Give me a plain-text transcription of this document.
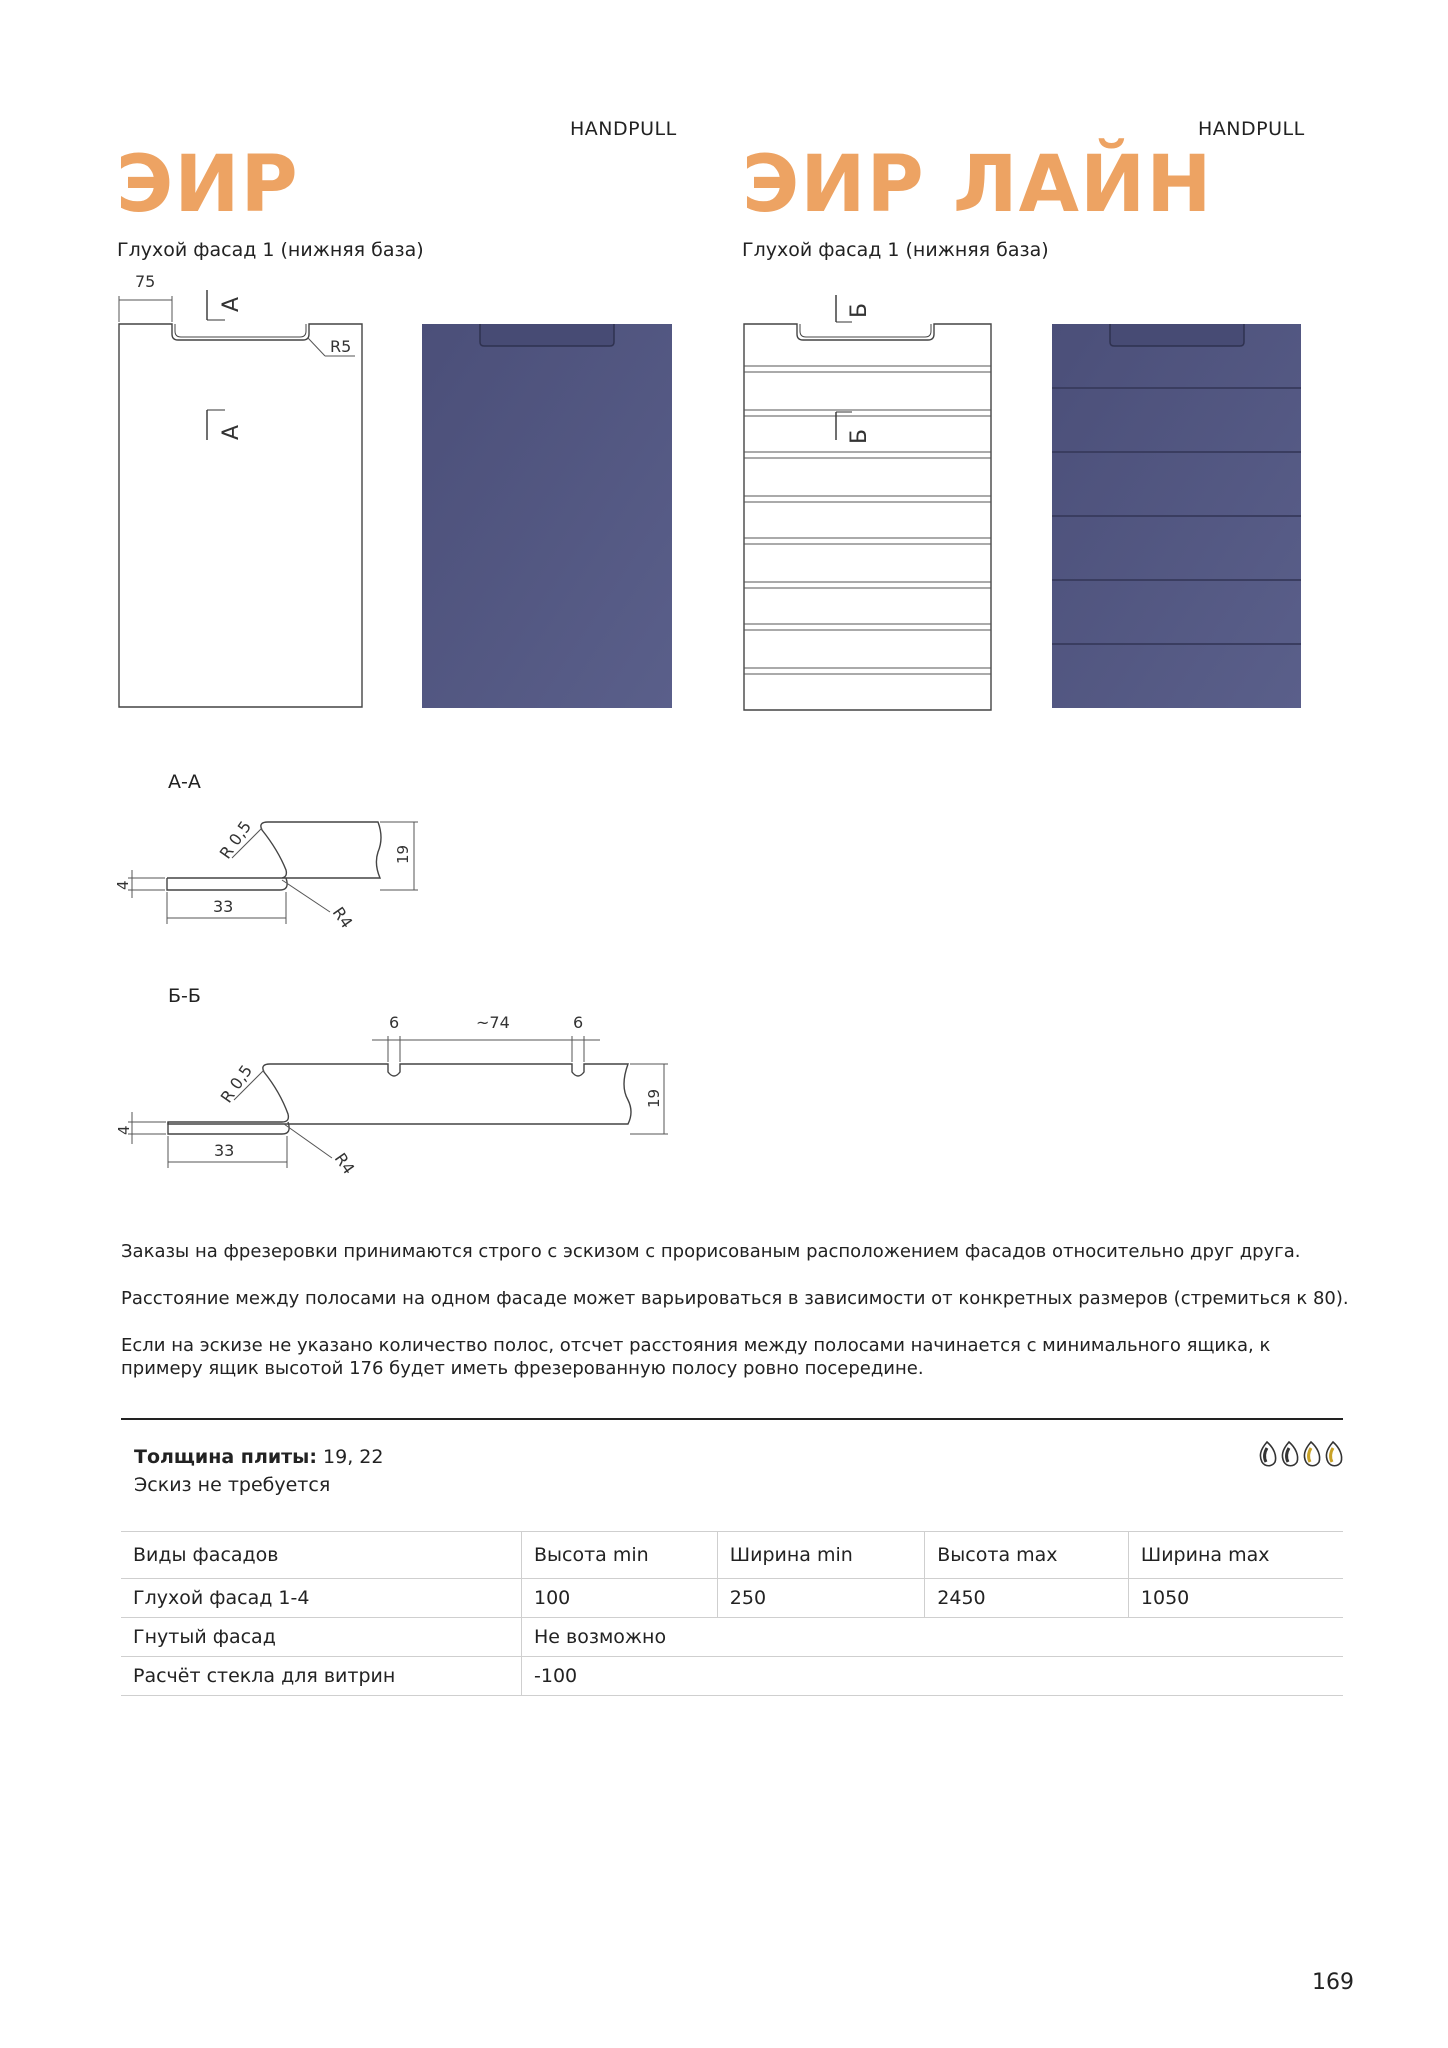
HANDPULL
ЭИР
Глухой фасад 1 (нижняя база)
HANDPULL
ЭИР ЛАЙН
Глухой фасад 1 (нижняя база)
75
A
A
R5
Б
Б
А-А
4
33
19
R 0,5
R4
Б-Б
6	~74	6
4
33
19
R 0,5
R4
Заказы на фрезеровки принимаются строго с эскизом с прорисованым расположением фасадов относительно друг друга.
Расстояние между полосами на одном фасаде может варьироваться в зависимости от конкретных размеров (стремиться к 80).
Если на эскизе не указано количество полос, отсчет расстояния между полосами начинается с минимального ящика, к примеру ящик высотой 176 будет иметь фрезерованную полосу ровно посередине.
Толщина плиты: 19, 22
Эскиз не требуется
Виды фасадов	Высота min	Ширина min	Высота max	Ширина max
Глухой фасад 1-4	100	250	2450	1050
Гнутый фасад	Не возможно			
Расчёт стекла для витрин	-100			
169
